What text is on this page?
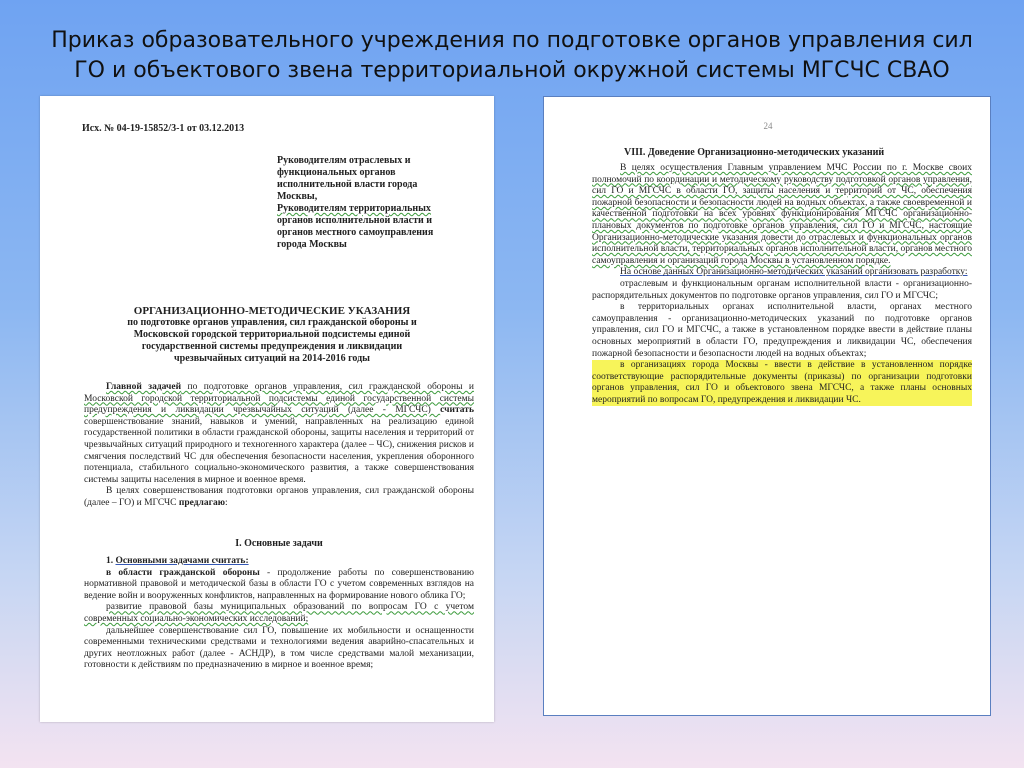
Приказ образовательного учреждения по подготовке органов управления сил
ГО и объектового звена территориальной окружной системы МГСЧС СВАО
Исх. № 04-19-15852/3-1 от 03.12.2013

Руководителям отраслевых и

функциональных органов

исполнительной власти города

Москвы,

Руководителям территориальных

органов исполнительной власти и

органов местного самоуправления

города Москвы

ОРГАНИЗАЦИОННО-МЕТОДИЧЕСКИЕ УКАЗАНИЯ

по подготовке органов управления, сил гражданской обороны и

Московской городской территориальной подсистемы единой

государственной системы предупреждения и ликвидации

чрезвычайных ситуаций на 2014-2016 годы

Главной задачей по подготовке органов управления, сил гражданской обороны и Московской городской территориальной подсистемы единой государственной системы предупреждения и ликвидации чрезвычайных ситуаций (далее - МГСЧС) считать совершенствование знаний, навыков и умений, направленных на реализацию единой государственной политики в области гражданской обороны, защиты населения и территорий от чрезвычайных ситуаций природного и техногенного характера (далее – ЧС), снижения рисков и смягчения последствий ЧС для обеспечения безопасности населения, укрепления оборонного потенциала, стабильного социально-экономического развития, а также совершенствования системы защиты населения в мирное и военное время.

В целях совершенствования подготовки органов управления, сил гражданской обороны (далее – ГО) и МГСЧС предлагаю:

I. Основные задачи

1. Основными задачами считать:

в области гражданской обороны - продолжение работы по совершенствованию нормативной правовой и методической базы в области ГО с учетом современных взглядов на ведение войн и вооруженных конфликтов, направленных на формирование нового облика ГО;

развитие правовой базы муниципальных образований по вопросам ГО с учетом современных социально-экономических исследований;

дальнейшее совершенствование сил ГО, повышение их мобильности и оснащенности современными техническими средствами и технологиями ведения аварийно-спасательных и других неотложных работ (далее - АСНДР), в том числе средствами малой механизации, готовности к действиям по предназначению в мирное и военное время;

24
VIII. Доведение Организационно-методических указаний

В целях осуществления Главным управлением МЧС России по г. Москве своих полномочий по координации и методическому руководству подготовкой органов управления, сил ГО и МГСЧС в области ГО, защиты населения и территорий от ЧС, обеспечения пожарной безопасности и безопасности людей на водных объектах, а также своевременной и качественной подготовки на всех уровнях функционирования МГСЧС организационно-плановых документов по подготовке органов управления, сил ГО и МГСЧС, настоящие Организационно-методические указания довести до отраслевых и функциональных органов исполнительной власти, территориальных органов исполнительной власти, органов местного самоуправления и организаций города Москвы в установленном порядке.

На основе данных Организационно-методических указаний организовать разработку:

отраслевым и функциональным органам исполнительной власти - организационно-распорядительных документов по подготовке органов управления, сил ГО и МГСЧС;

в территориальных органах исполнительной власти, органах местного самоуправления - организационно-методических указаний по подготовке органов управления, сил ГО и МГСЧС, а также в установленном порядке ввести в действие планы основных мероприятий в области ГО, предупреждения и ликвидации ЧС, обеспечения пожарной безопасности и безопасности людей на водных объектах;

в организациях города Москвы - ввести в действие в установленном порядке соответствующие распорядительные документы (приказы) по организации подготовки органов управления, сил ГО и объектового звена МГСЧС, а также планы основных мероприятий по вопросам ГО, предупреждения и ликвидации ЧС.
